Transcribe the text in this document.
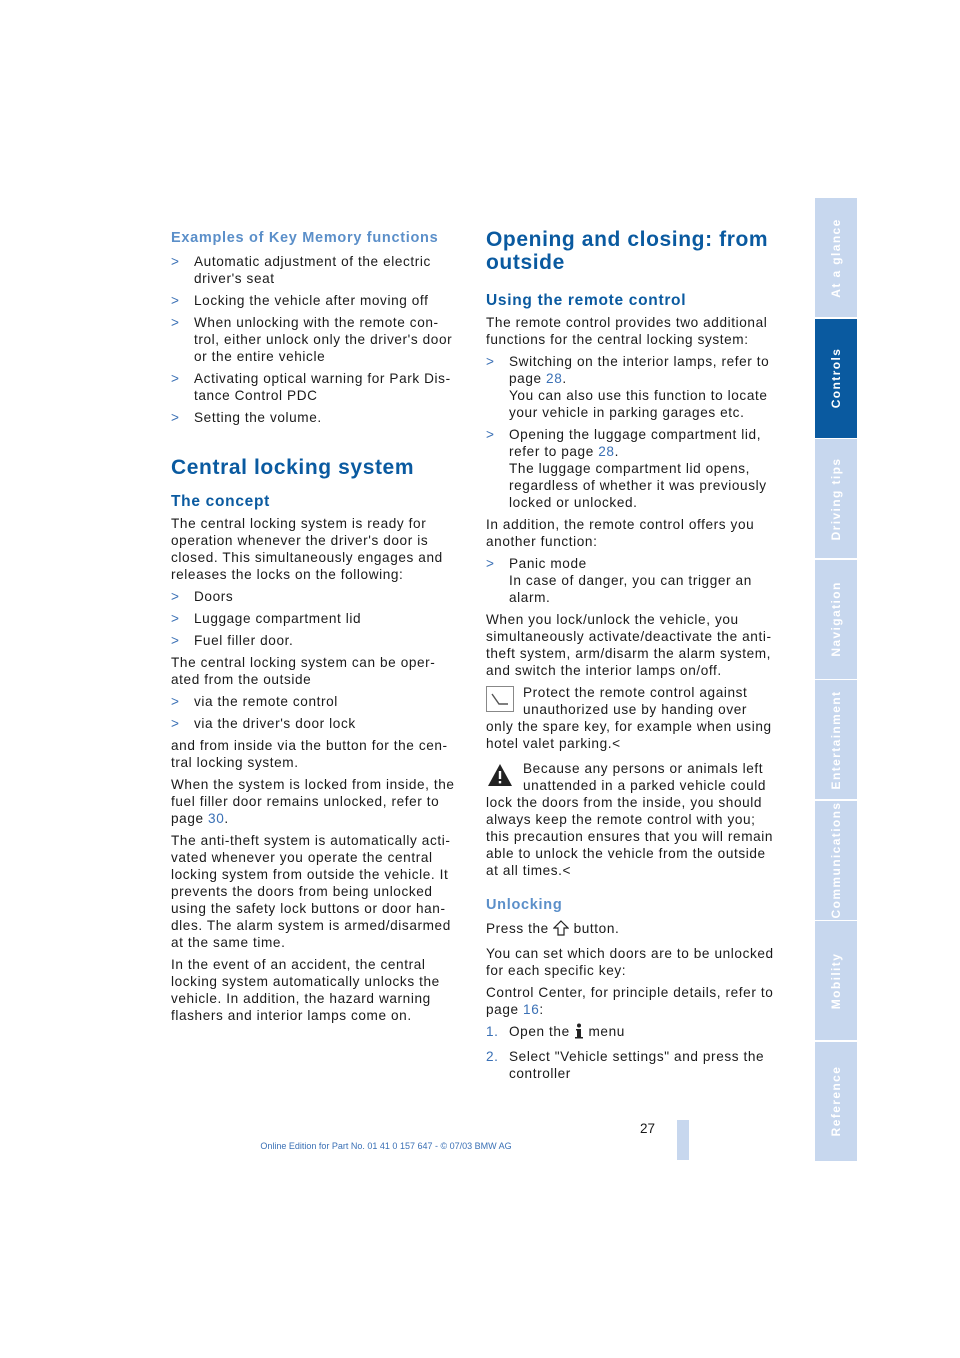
Examples of Key Memory functions
> Automatic adjustment of the electric driver's seat
> Locking the vehicle after moving off
> When unlocking with the remote con-trol, either unlock only the driver's door or the entire vehicle
> Activating optical warning for Park Dis-tance Control PDC
> Setting the volume.
Central locking system
The concept

The central locking system is ready for operation whenever the driver's door is closed. This simultaneously engages and releases the locks on the following:

> Doors
> Luggage compartment lid
> Fuel filler door.

The central locking system can be oper-ated from the outside

> via the remote control
> via the driver's door lock

and from inside via the button for the cen-tral locking system.

When the system is locked from inside, the fuel filler door remains unlocked, refer to page 30.

The anti-theft system is automatically acti-vated whenever you operate the central locking system from outside the vehicle. It prevents the doors from being unlocked using the safety lock buttons or door han-dles. The alarm system is armed/disarmed at the same time.

In the event of an accident, the central locking system automatically unlocks the vehicle. In addition, the hazard warning flashers and interior lamps come on.

Opening and closing: from outside
Using the remote control

The remote control provides two additional functions for the central locking system:

> Switching on the interior lamps, refer to page 28.
You can also use this function to locate your vehicle in parking garages etc.
> Opening the luggage compartment lid, refer to page 28.
The luggage compartment lid opens, regardless of whether it was previously locked or unlocked.

In addition, the remote control offers you another function:

> Panic mode
In case of danger, you can trigger an alarm.

When you lock/unlock the vehicle, you simultaneously activate/deactivate the anti-theft system, arm/disarm the alarm system, and switch the interior lamps on/off.

Protect the remote control against unauthorized use by handing over only the spare key, for example when using hotel valet parking.<
Because any persons or animals left unattended in a parked vehicle could lock the doors from the inside, you should always keep the remote control with you; this precaution ensures that you will remain able to unlock the vehicle from the outside at all times.<
Unlocking

Press the  button.

You can set which doors are to be unlocked for each specific key:

Control Center, for principle details, refer to page 16:

1. Open the  menu
2. Select "Vehicle settings" and press the controller
At a glance
Controls
Driving tips
Navigation
Entertainment
Communications
Mobility
Reference
27
Online Edition for Part No. 01 41 0 157 647 - © 07/03 BMW AG
